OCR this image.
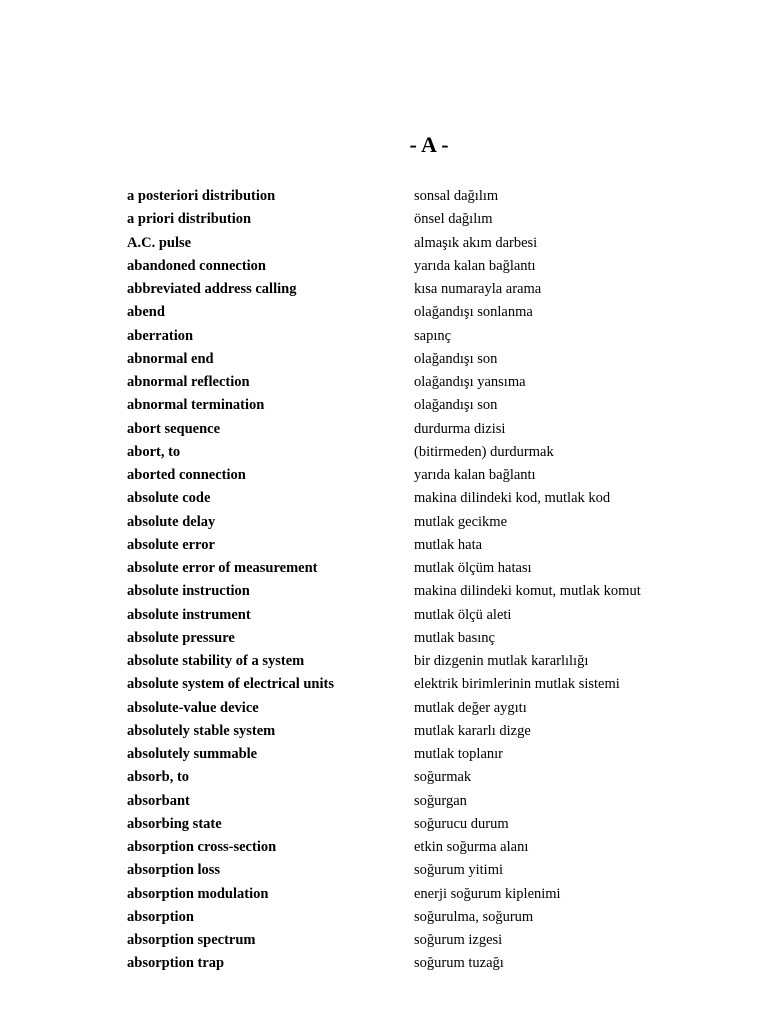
- A -
a posteriori distribution	sonsal dağılım
a priori distribution	önsel dağılım
A.C. pulse	almaşık akım darbesi
abandoned connection	yarıda kalan bağlantı
abbreviated address calling	kısa numarayla arama
abend	olağandışı sonlanma
aberration	sapınç
abnormal end	olağandışı son
abnormal reflection	olağandışı yansıma
abnormal termination	olağandışı son
abort sequence	durdurma dizisi
abort, to	(bitirmeden) durdurmak
aborted connection	yarıda kalan bağlantı
absolute code	makina dilindeki kod, mutlak kod
absolute delay	mutlak gecikme
absolute error	mutlak hata
absolute error of measurement	mutlak ölçüm hatası
absolute instruction	makina dilindeki komut, mutlak komut
absolute instrument	mutlak ölçü aleti
absolute pressure	mutlak basınç
absolute stability of a system	bir dizgenin mutlak kararlılığı
absolute system of electrical units	elektrik birimlerinin mutlak sistemi
absolute-value device	mutlak değer aygıtı
absolutely stable system	mutlak kararlı dizge
absolutely summable	mutlak toplanır
absorb, to	soğurmak
absorbant	soğurgan
absorbing state	soğurucu durum
absorption cross-section	etkin soğurma alanı
absorption loss	soğurum yitimi
absorption modulation	enerji soğurum kiplenimi
absorption	soğurulma, soğurum
absorption spectrum	soğurum izgesi
absorption trap	soğurum tuzağı
